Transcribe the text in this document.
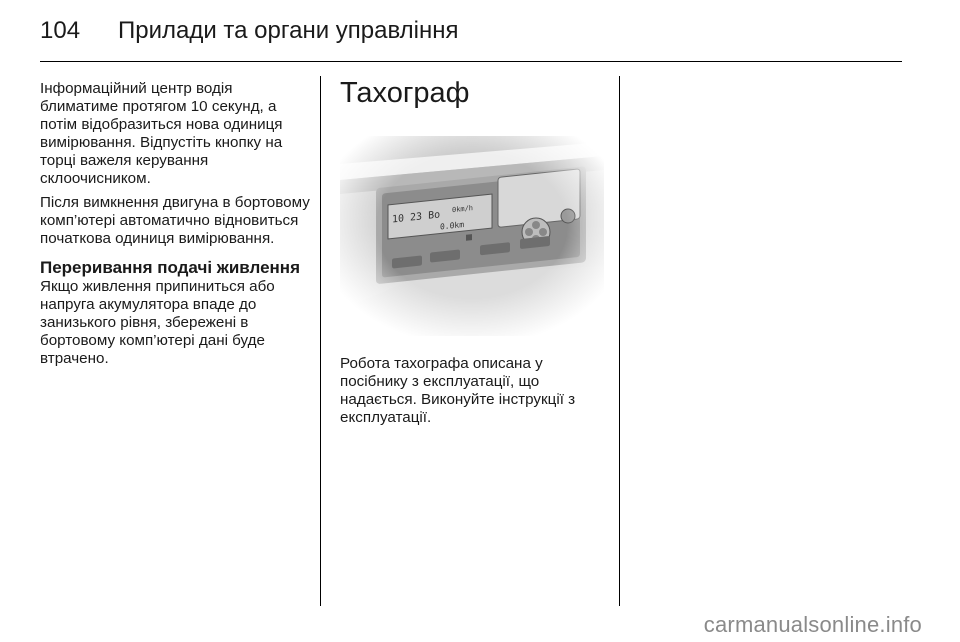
104 Прилади та органи управління

Інформаційний центр водія блиматиме протягом 10 секунд, а потім відобразиться нова одиниця вимірювання. Відпустіть кнопку на торці важеля керування склоочисником.

Після вимкнення двигуна в бортовому комп’ютері автоматично відновиться початкова одиниця вимірювання.

Переривання подачі живлення

Якщо живлення припиниться або напруга акумулятора впаде до занизького рівня, збережені в бортовому комп’ютері дані буде втрачено.

Тахограф

Робота тахографа описана у посібнику з експлуатації, що надається. Виконуйте інструкції з експлуатації.

carmanualsonline.info
